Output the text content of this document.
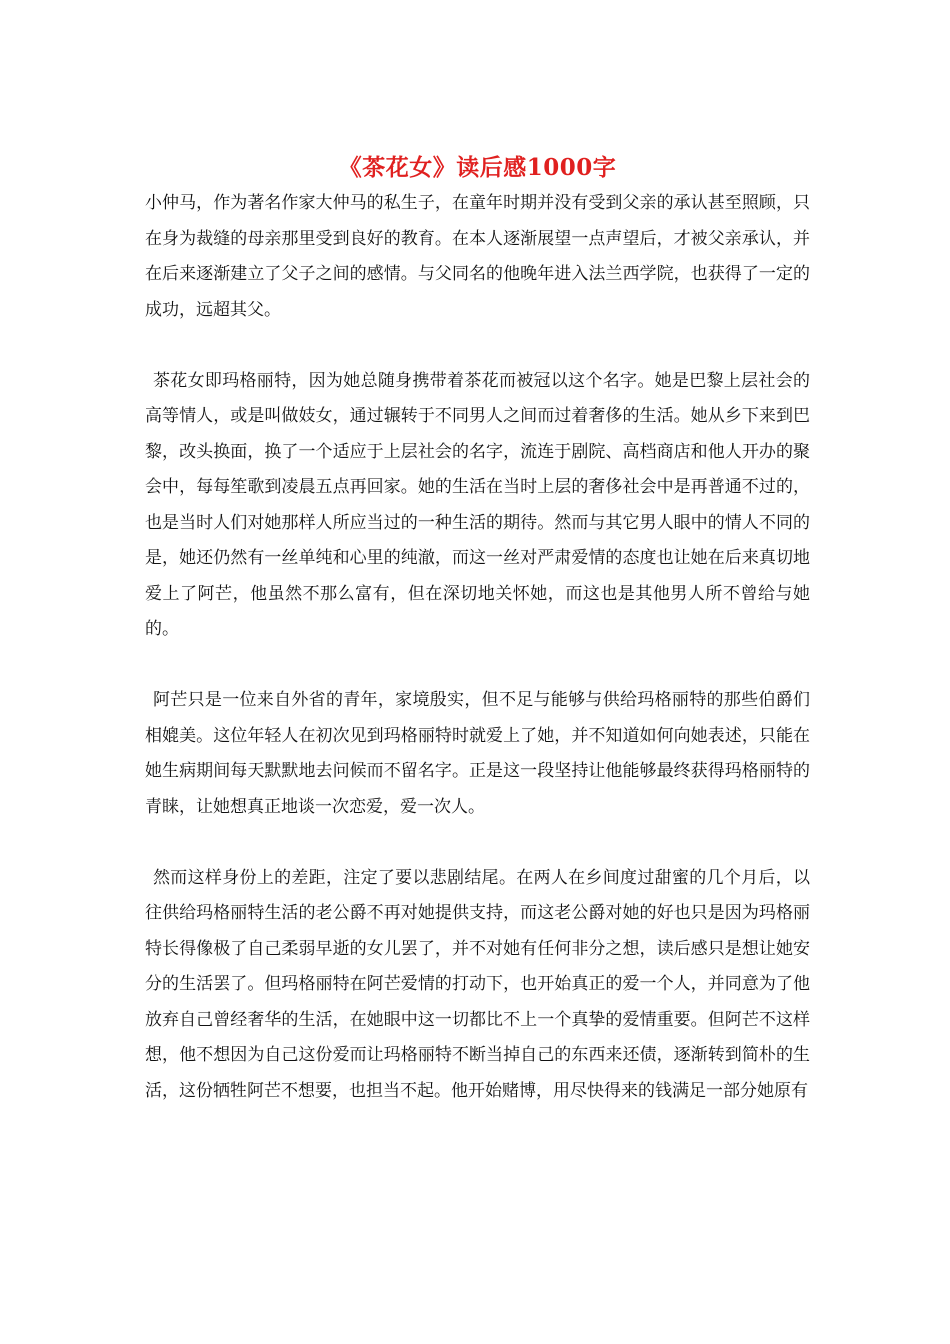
《茶花女》读后感1000字

小仲马，作为著名作家大仲马的私生子，在童年时期并没有受到父亲的承认甚至照顾，只在身为裁缝的母亲那里受到良好的教育。在本人逐渐展望一点声望后，才被父亲承认，并在后来逐渐建立了父子之间的感情。与父同名的他晚年进入法兰西学院，也获得了一定的成功，远超其父。

茶花女即玛格丽特，因为她总随身携带着茶花而被冠以这个名字。她是巴黎上层社会的高等情人，或是叫做妓女，通过辗转于不同男人之间而过着奢侈的生活。她从乡下来到巴黎，改头换面，换了一个适应于上层社会的名字，流连于剧院、高档商店和他人开办的聚会中，每每笙歌到凌晨五点再回家。她的生活在当时上层的奢侈社会中是再普通不过的，也是当时人们对她那样人所应当过的一种生活的期待。然而与其它男人眼中的情人不同的是，她还仍然有一丝单纯和心里的纯澈，而这一丝对严肃爱情的态度也让她在后来真切地爱上了阿芒，他虽然不那么富有，但在深切地关怀她，而这也是其他男人所不曾给与她的。

阿芒只是一位来自外省的青年，家境殷实，但不足与能够与供给玛格丽特的那些伯爵们相媲美。这位年轻人在初次见到玛格丽特时就爱上了她，并不知道如何向她表述，只能在她生病期间每天默默地去问候而不留名字。正是这一段坚持让他能够最终获得玛格丽特的青睐，让她想真正地谈一次恋爱，爱一次人。

然而这样身份上的差距，注定了要以悲剧结尾。在两人在乡间度过甜蜜的几个月后，以往供给玛格丽特生活的老公爵不再对她提供支持，而这老公爵对她的好也只是因为玛格丽特长得像极了自己柔弱早逝的女儿罢了，并不对她有任何非分之想，读后感只是想让她安分的生活罢了。但玛格丽特在阿芒爱情的打动下，也开始真正的爱一个人，并同意为了他放弃自己曾经奢华的生活，在她眼中这一切都比不上一个真挚的爱情重要。但阿芒不这样想，他不想因为自己这份爱而让玛格丽特不断当掉自己的东西来还债，逐渐转到简朴的生活，这份牺牲阿芒不想要，也担当不起。他开始赌博，用尽快得来的钱满足一部分她原有
